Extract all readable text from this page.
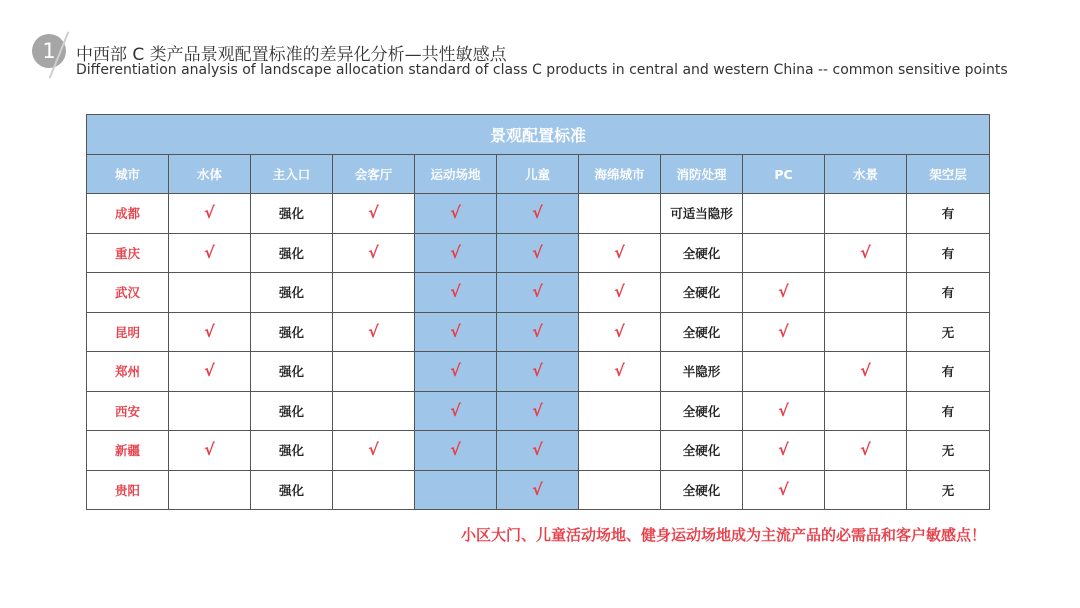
1	中西部 C 类产品景观配置标准的差异化分析—共性敏感点
Differentiation analysis of landscape allocation standard of class C products in central and western China -- common sensitive points
景观配置标准										
城市	水体	主入口	会客厅	运动场地	儿童	海绵城市	消防处理	PC	水景	架空层
成都	√	强化	√	√	√		可适当隐形			有
重庆	√	强化	√	√	√	√	全硬化		√	有
武汉		强化		√	√	√	全硬化	√		有
昆明	√	强化	√	√	√	√	全硬化	√		无
郑州	√	强化		√	√	√	半隐形		√	有
西安		强化		√	√		全硬化	√		有
新疆	√	强化	√	√	√		全硬化	√	√	无
贵阳		强化			√		全硬化	√		无
小区大门、儿童活动场地、健身运动场地成为主流产品的必需品和客户敏感点！
